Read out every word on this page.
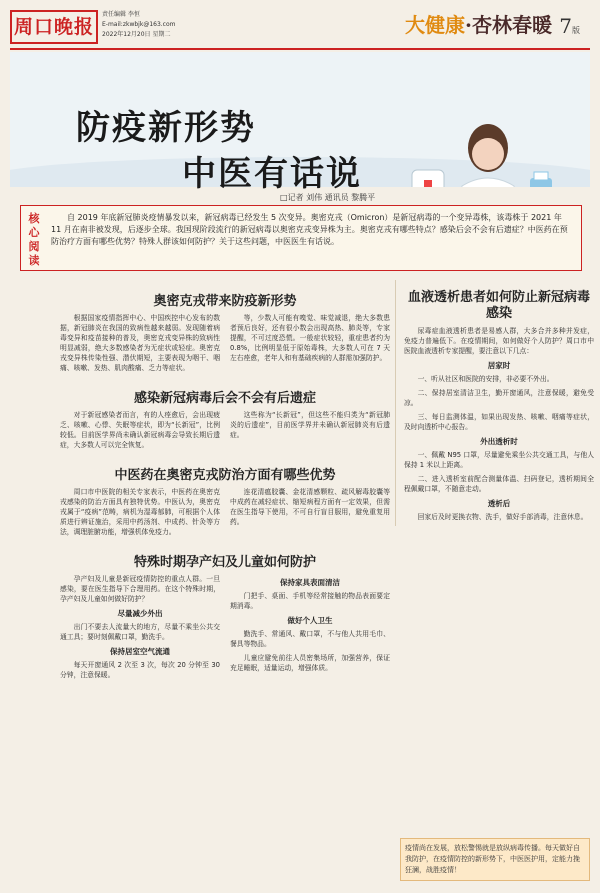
周口晚报
责任编辑 李恒
E-mail:zkwbjk@163.com
2022年12月20日 星期二	大健康·杏林春暖 7版
防疫新形势
中医有话说
□记者 刘伟 通讯员 黎腾平
核心阅读
自 2019 年底新冠肺炎疫情暴发以来，新冠病毒已经发生 5 次变异。奥密克戎（Omicron）是新冠病毒的一个变异毒株，该毒株于 2021 年 11 月在南非被发现，后逐步全球。我国现阶段流行的新冠病毒以奥密克戎变异株为主。奥密克戎有哪些特点？感染后会不会有后遗症？中医药在预防治疗方面有哪些优势？特殊人群该如何防护？关于这些问题，中医医生有话说。
奥密克戎带来防疫新形势

根据国家疫情指挥中心、中国疾控中心发布的数据，新冠肺炎在我国的致病性越来越弱。发现随着病毒变异和疫苗接种的普及，奥密克戎变异株的致病性明显减弱，绝大多数感染者为无症状或轻症。奥密克戎变异株传染性强、潜伏期短，主要表现为咽干、咽痛、咳嗽、发热、肌肉酸痛、乏力等症状。

等，少数人可能有嗅觉、味觉减退，绝大多数患者预后良好，还有很小数会出现高热、肺炎等，专家提醒，不可过度恐慌。一般症状较轻，重症患者约为 0.8%，比例明显低于原始毒株，大多数人可在 7 天左右痊愈，老年人和有基础疾病的人群需加强防护。

感染新冠病毒后会不会有后遗症

对于新冠感染者而言，有的人痊愈后，会出现疲乏、咳嗽、心悸、失眠等症状，即为“长新冠”，比例较低。目前医学界尚未确认新冠病毒会导致长期后遗症，大多数人可以完全恢复。

这些称为“长新冠”，但这些不能归类为“新冠肺炎的后遗症”，目前医学界并未确认新冠肺炎有后遗症。

中医药在奥密克戎防治方面有哪些优势

周口市中医院的相关专家表示，中医药在奥密克戎感染的防治方面具有独特优势。中医认为，奥密克戎属于“疫病”范畴，病机为湿毒郁肺，可根据个人体质进行辨证施治，采用中药汤剂、中成药、针灸等方法，调理脏腑功能，增强机体免疫力。

连花清瘟胶囊、金花清感颗粒、疏风解毒胶囊等中成药在减轻症状、缩短病程方面有一定效果，但需在医生指导下使用，不可自行盲目服用，避免重复用药。

特殊时期孕产妇及儿童如何防护

孕产妇及儿童是新冠疫情防控的重点人群。一旦感染，要在医生指导下合理用药。在这个特殊时期，孕产妇及儿童如何做好防护？

尽量减少外出

出门不要去人流量大的地方，尽量不乘坐公共交通工具；要时刻佩戴口罩，勤洗手。

保持居室空气流通

每天开窗通风 2 次至 3 次，每次 20 分钟至 30 分钟，注意保暖。

保持家具表面清洁

门把手、桌面、手机等经常接触的物品表面要定期消毒。

做好个人卫生

勤洗手、常通风、戴口罩，不与他人共用毛巾、餐具等物品。

儿童应避免前往人员密集场所，加强营养，保证充足睡眠，适量运动，增强体质。

血液透析患者如何防止新冠病毒感染

尿毒症血液透析患者是易感人群，大多合并多种并发症，免疫力普遍低下。在疫情期间，如何做好个人防护？周口市中医院血液透析专家提醒，要注意以下几点：

居家时

一、听从社区和医院的安排，非必要不外出。

二、保持居室清洁卫生，勤开窗通风，注意保暖，避免受凉。

三、每日监测体温，如果出现发热、咳嗽、咽痛等症状，及时向透析中心报告。

外出透析时

一、佩戴 N95 口罩，尽量避免乘坐公共交通工具，与他人保持 1 米以上距离。

二、进入透析室前配合测量体温、扫码登记，透析期间全程佩戴口罩，不随意走动。

透析后

回家后及时更换衣物、洗手，做好手部消毒，注意休息。

疫情尚在发展，放松警惕就是放纵病毒传播。每天做好自我防护，在疫情防控的新形势下，中医医护用，定能力挽狂澜，战胜疫情！
